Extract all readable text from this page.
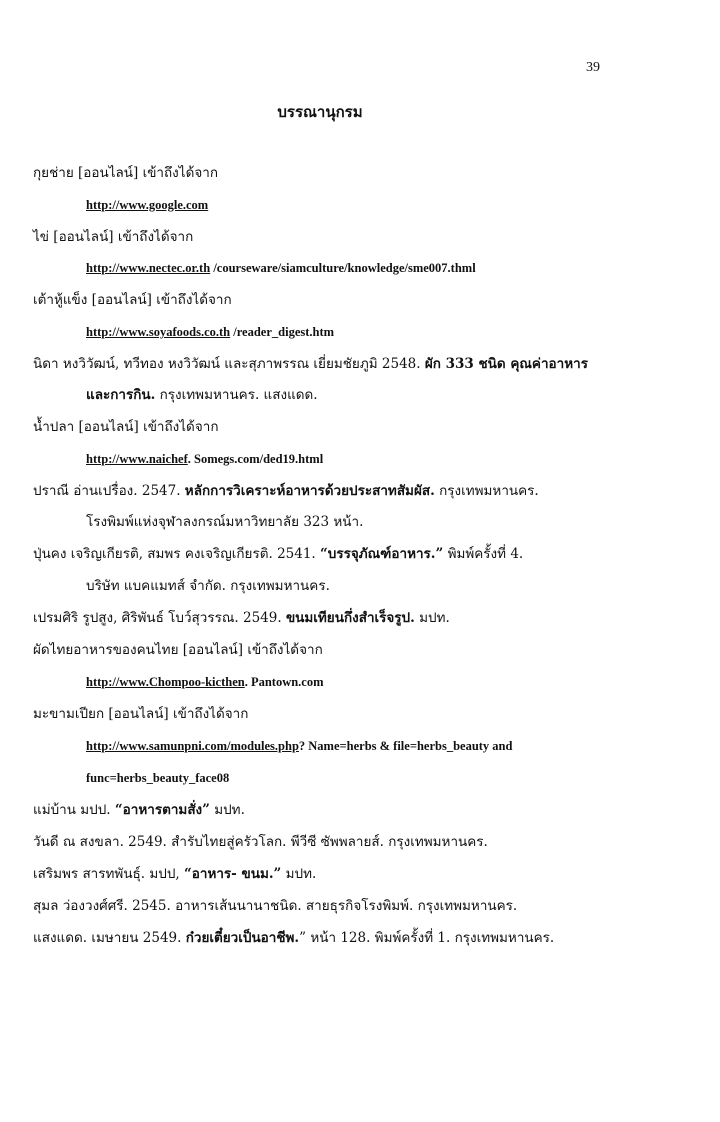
39
บรรณานุกรม
กุยช่าย [ออนไลน์] เข้าถึงได้จาก
http://www.google.com
ไข่ [ออนไลน์] เข้าถึงได้จาก
http://www.nectec.or.th /courseware/siamculture/knowledge/sme007.thml
เต้าหู้แข็ง [ออนไลน์] เข้าถึงได้จาก
http://www.soyafoods.co.th /reader_digest.htm
นิดา หงวิวัฒน์, ทวีทอง หงวิวัฒน์ และสุภาพรรณ เยี่ยมชัยภูมิ 2548. ผัก 333 ชนิด คุณค่าอาหาร
และการกิน. กรุงเทพมหานคร. แสงแดด.
น้ำปลา [ออนไลน์] เข้าถึงได้จาก
http://www.naichef. Somegs.com/ded19.html
ปราณี อ่านเปรื่อง. 2547. หลักการวิเคราะห์อาหารด้วยประสาทสัมผัส. กรุงเทพมหานคร.
โรงพิมพ์แห่งจุฬาลงกรณ์มหาวิทยาลัย 323 หน้า.
ปุ่นคง เจริญเกียรติ, สมพร คงเจริญเกียรติ. 2541. “บรรจุภัณฑ์อาหาร.” พิมพ์ครั้งที่ 4.
บริษัท แบคแมทส์ จำกัด. กรุงเทพมหานคร.
เปรมศิริ รูปสูง, ศิริพันธ์ โบว์สุวรรณ. 2549. ขนมเทียนกึ่งสำเร็จรูป. มปท.
ผัดไทยอาหารของคนไทย [ออนไลน์] เข้าถึงได้จาก
http://www.Chompoo-kicthen. Pantown.com
มะขามเปียก [ออนไลน์] เข้าถึงได้จาก
http://www.samunpni.com/modules.php? Name=herbs & file=herbs_beauty and
func=herbs_beauty_face08
แม่บ้าน มปป. “อาหารตามสั่ง” มปท.
วันดี ณ สงขลา. 2549. สำรับไทยสู่ครัวโลก. พีวีซี ซัพพลายส์. กรุงเทพมหานคร.
เสริมพร สารทพันธุ์. มปป, “อาหาร- ขนม.” มปท.
สุมล ว่องวงศ์ศรี. 2545. อาหารเส้นนานาชนิด. สายธุรกิจโรงพิมพ์. กรุงเทพมหานคร.
แสงแดด. เมษายน 2549. ก๋วยเตี๋ยวเป็นอาชีพ.” หน้า 128. พิมพ์ครั้งที่ 1. กรุงเทพมหานคร.
